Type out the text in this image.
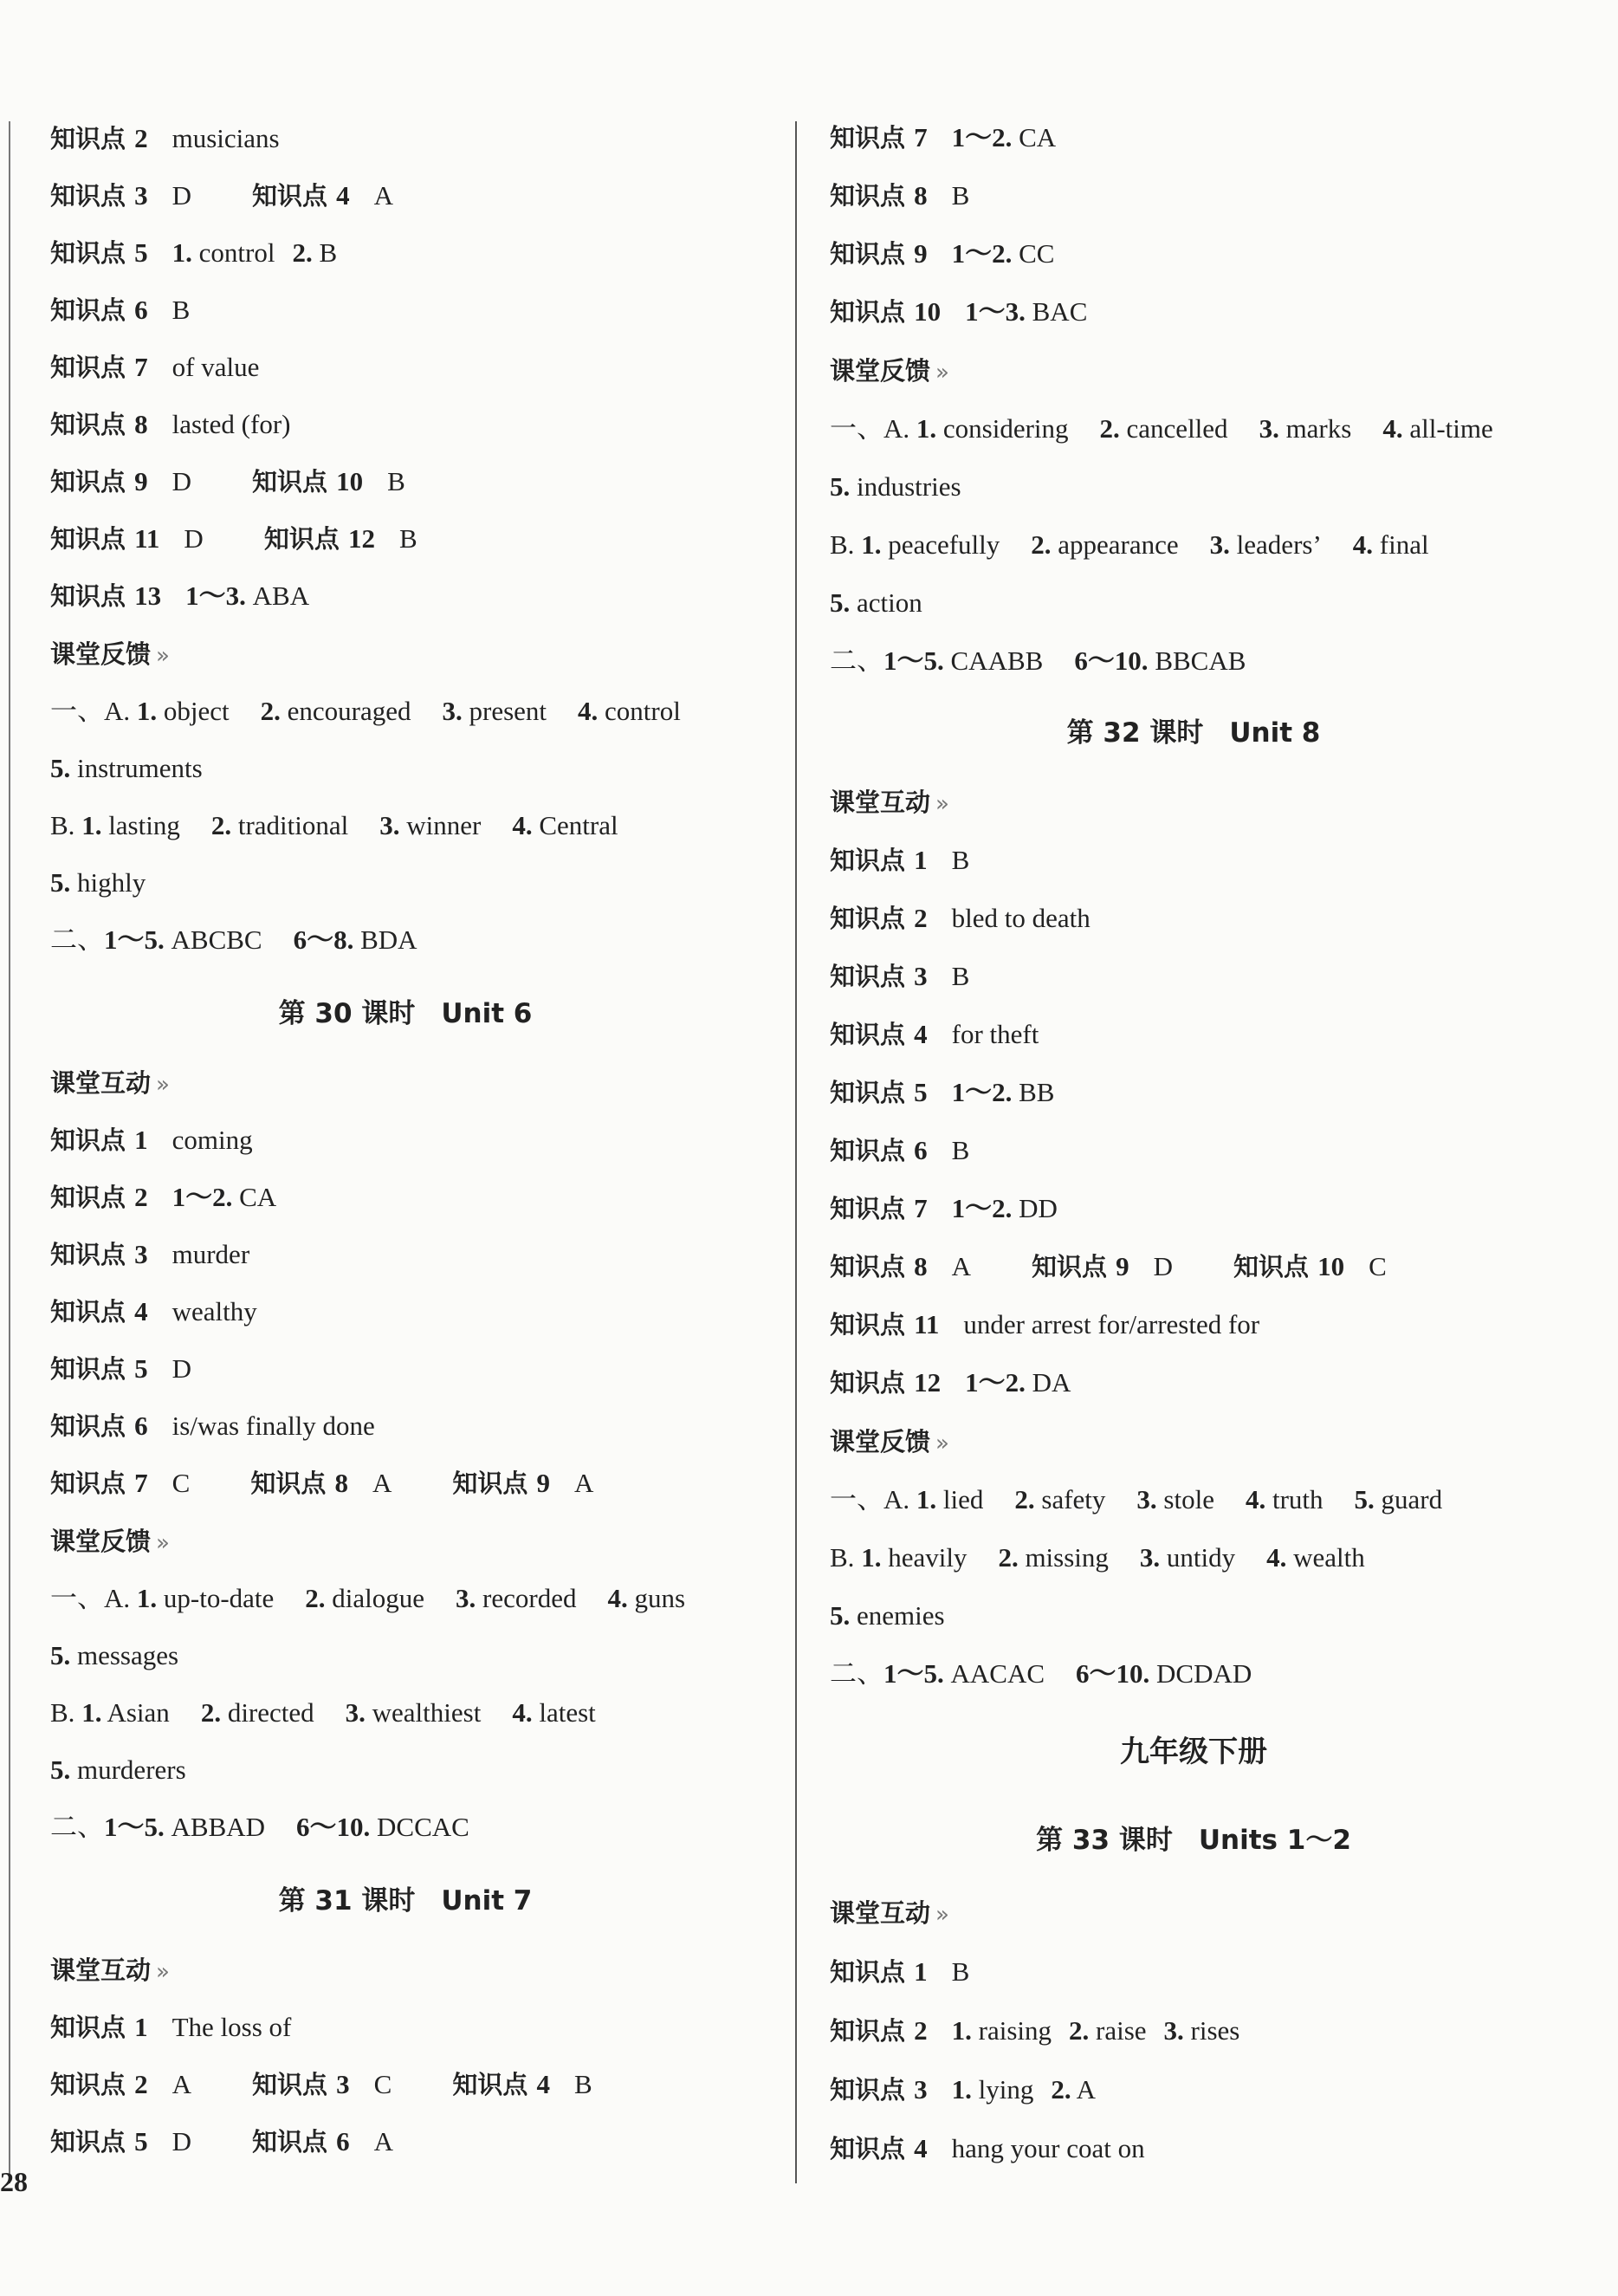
知识点 2 musicians
知识点 3 D 知识点 4 A
知识点 5 1. control 2. B
知识点 6 B
知识点 7 of value
知识点 8 lasted (for)
知识点 9 D 知识点 10 B
知识点 11 D 知识点 12 B
知识点 13 1～3. ABA
课堂反馈 »
一、A. 1. object 2. encouraged 3. present 4. control
5. instruments
B. 1. lasting 2. traditional 3. winner 4. Central
5. highly
二、1～5. ABCBC 6～8. BDA
第 30 课时 Unit 6
课堂互动 »
知识点 1 coming
知识点 2 1～2. CA
知识点 3 murder
知识点 4 wealthy
知识点 5 D
知识点 6 is/was finally done
知识点 7 C 知识点 8 A 知识点 9 A
课堂反馈 »
一、A. 1. up-to-date 2. dialogue 3. recorded 4. guns
5. messages
B. 1. Asian 2. directed 3. wealthiest 4. latest
5. murderers
二、1～5. ABBAD 6～10. DCCAC
第 31 课时 Unit 7
课堂互动 »
知识点 1 The loss of
知识点 2 A 知识点 3 C 知识点 4 B
知识点 5 D 知识点 6 A
28
知识点 7 1～2. CA
知识点 8 B
知识点 9 1～2. CC
知识点 10 1～3. BAC
课堂反馈 »
一、A. 1. considering 2. cancelled 3. marks 4. all-time
5. industries
B. 1. peacefully 2. appearance 3. leaders’ 4. final
5. action
二、1～5. CAABB 6～10. BBCAB
第 32 课时 Unit 8
课堂互动 »
知识点 1 B
知识点 2 bled to death
知识点 3 B
知识点 4 for theft
知识点 5 1～2. BB
知识点 6 B
知识点 7 1～2. DD
知识点 8 A 知识点 9 D 知识点 10 C
知识点 11 under arrest for/arrested for
知识点 12 1～2. DA
课堂反馈 »
一、A. 1. lied 2. safety 3. stole 4. truth 5. guard
B. 1. heavily 2. missing 3. untidy 4. wealth
5. enemies
二、1～5. AACAC 6～10. DCDAD
九年级下册
第 33 课时 Units 1～2
课堂互动 »
知识点 1 B
知识点 2 1. raising 2. raise 3. rises
知识点 3 1. lying 2. A
知识点 4 hang your coat on
